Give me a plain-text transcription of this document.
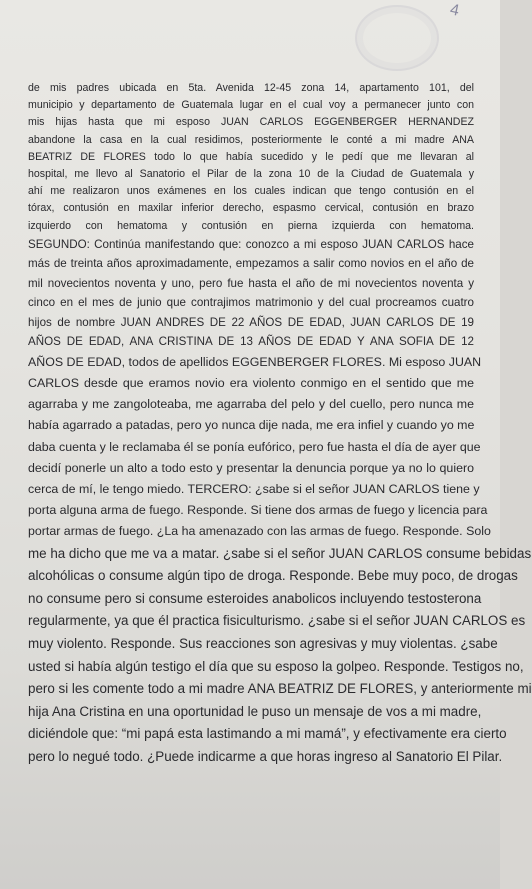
4
de mis padres ubicada en 5ta. Avenida 12-45 zona 14, apartamento 101, del
municipio y departamento de Guatemala lugar en el cual voy a permanecer junto con
mis hijas hasta que mi esposo JUAN CARLOS EGGENBERGER HERNANDEZ
abandone la casa en la cual residimos, posteriormente le conté a mi madre ANA
BEATRIZ DE FLORES todo lo que había sucedido y le pedí que me llevaran al
hospital, me llevo al Sanatorio el Pilar de la zona 10 de la Ciudad de Guatemala y
ahí me realizaron unos exámenes en los cuales indican que tengo contusión en el
tórax, contusión en maxilar inferior derecho, espasmo cervical, contusión en brazo
izquierdo con hematoma y contusión en pierna izquierda con hematoma.
SEGUNDO: Continúa manifestando que: conozco a mi esposo JUAN CARLOS hace
más de treinta años aproximadamente, empezamos a salir como novios en el año de
mil novecientos noventa y uno, pero fue hasta el año de mi novecientos noventa y
cinco en el mes de junio que contrajimos matrimonio y del cual procreamos cuatro
hijos de nombre JUAN ANDRES DE 22 AÑOS DE EDAD, JUAN CARLOS DE 19
AÑOS DE EDAD, ANA CRISTINA DE 13 AÑOS DE EDAD Y ANA SOFIA DE 12
AÑOS DE EDAD, todos de apellidos EGGENBERGER FLORES. Mi esposo JUAN
CARLOS desde que eramos novio era violento conmigo en el sentido que me
agarraba y me zangoloteaba, me agarraba del pelo y del cuello, pero nunca me
había agarrado a patadas, pero yo nunca dije nada, me era infiel y cuando yo me
daba cuenta y le reclamaba él se ponía eufórico, pero fue hasta el día de ayer que
decidí ponerle un alto a todo esto y presentar la denuncia porque ya no lo quiero
cerca de mí, le tengo miedo. TERCERO: ¿sabe si el señor JUAN CARLOS tiene y
porta alguna arma de fuego. Responde. Si tiene dos armas de fuego y licencia para
portar armas de fuego. ¿La ha amenazado con las armas de fuego. Responde. Solo
me ha dicho que me va a matar. ¿sabe si el señor JUAN CARLOS consume bebidas
alcohólicas o consume algún tipo de droga. Responde. Bebe muy poco, de drogas
no consume pero si consume esteroides anabolicos incluyendo testosterona
regularmente, ya que él practica fisiculturismo. ¿sabe si el señor JUAN CARLOS es
muy violento. Responde. Sus reacciones son agresivas y muy violentas. ¿sabe
usted si había algún testigo el día que su esposo la golpeo. Responde. Testigos no,
pero si les comente todo a mi madre ANA BEATRIZ DE FLORES, y anteriormente mi
hija Ana Cristina en una oportunidad le puso un mensaje de vos a mi madre,
diciéndole que: “mi papá esta lastimando a mi mamá”, y efectivamente era cierto
pero lo negué todo. ¿Puede indicarme a que horas ingreso al Sanatorio El Pilar.
